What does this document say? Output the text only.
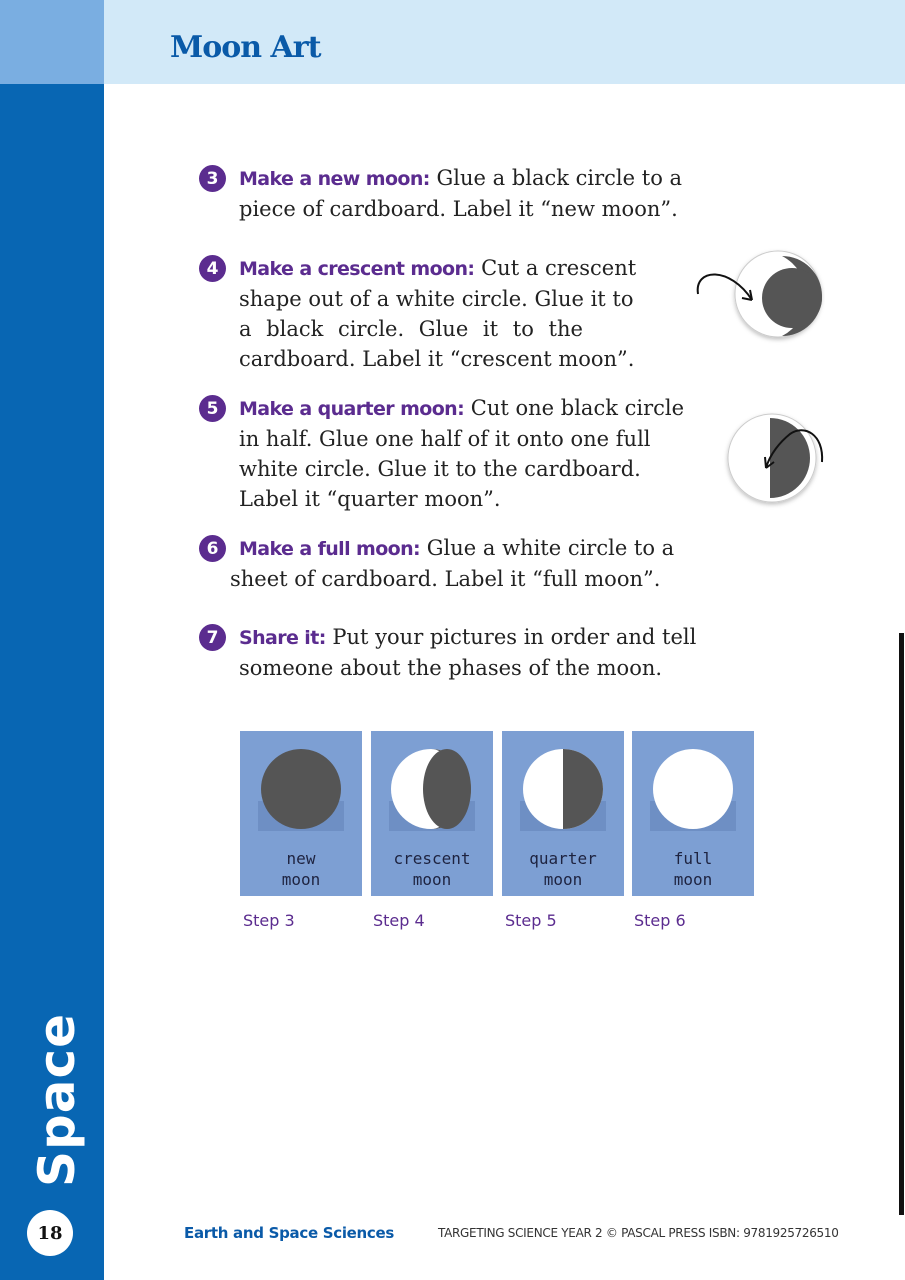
Moon Art
Space
18
3	Make a new moon: Glue a black circle to a
piece of cardboard. Label it “new moon”.
4	Make a crescent moon: Cut a crescent
shape out of a white circle. Glue it to
a black circle. Glue it to the
cardboard. Label it “crescent moon”.
5	Make a quarter moon: Cut one black circle
in half. Glue one half of it onto one full
white circle. Glue it to the cardboard.
Label it “quarter moon”.
6	Make a full moon: Glue a white circle to a
sheet of cardboard. Label it “full moon”.
7	Share it: Put your pictures in order and tell
someone about the phases of the moon.
new
moon
crescent
moon
quarter
moon
full
moon
Step 3	Step 4	Step 5	Step 6
Earth and Space Sciences	TARGETING SCIENCE YEAR 2 © PASCAL PRESS ISBN: 9781925726510
